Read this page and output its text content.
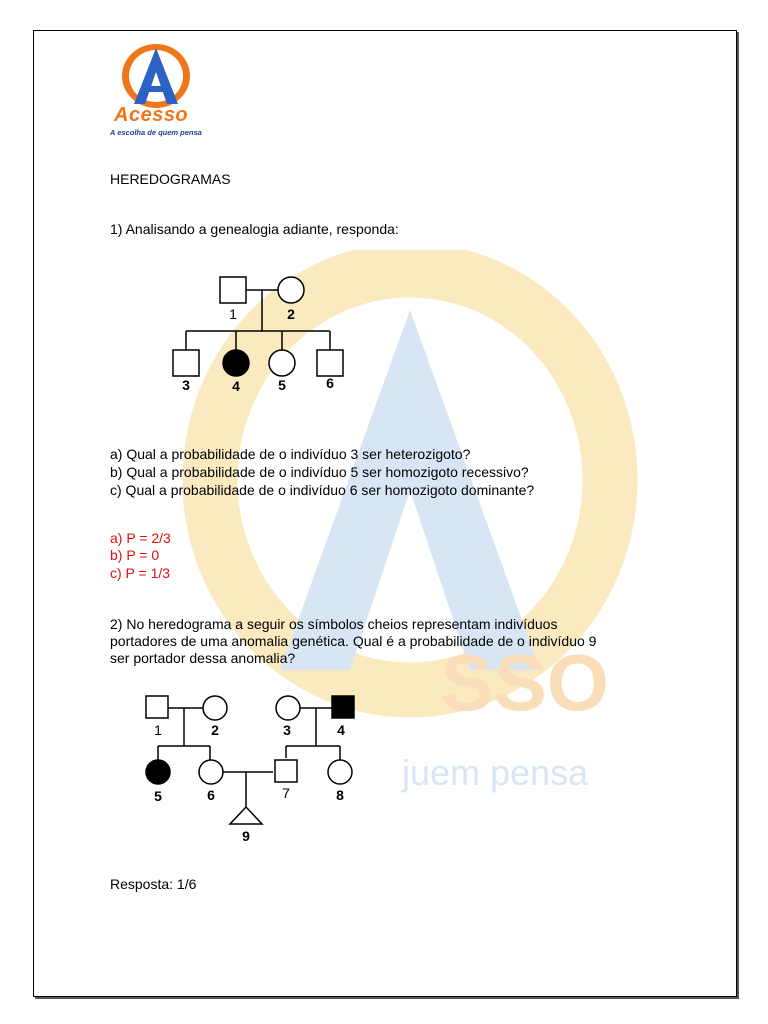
SSO
juem pensa
Acesso
A escolha de quem pensa

HEREDOGRAMAS

1) Analisando a genealogia adiante, responda:

1	2
3	4	5	6

a) Qual a probabilidade de o indivíduo 3 ser heterozigoto?

b) Qual a probabilidade de o indivíduo 5 ser homozigoto recessivo?

c) Qual a probabilidade de o indivíduo 6 ser homozigoto dominante?

a) P = 2/3

b) P = 0

c) P = 1/3

2) No heredograma a seguir os símbolos cheios representam indivíduos

portadores de uma anomalia genética. Qual é a probabilidade de o indivíduo 9

ser portador dessa anomalia?

1	2	3	4
5	6	7	8
9

Resposta: 1/6
